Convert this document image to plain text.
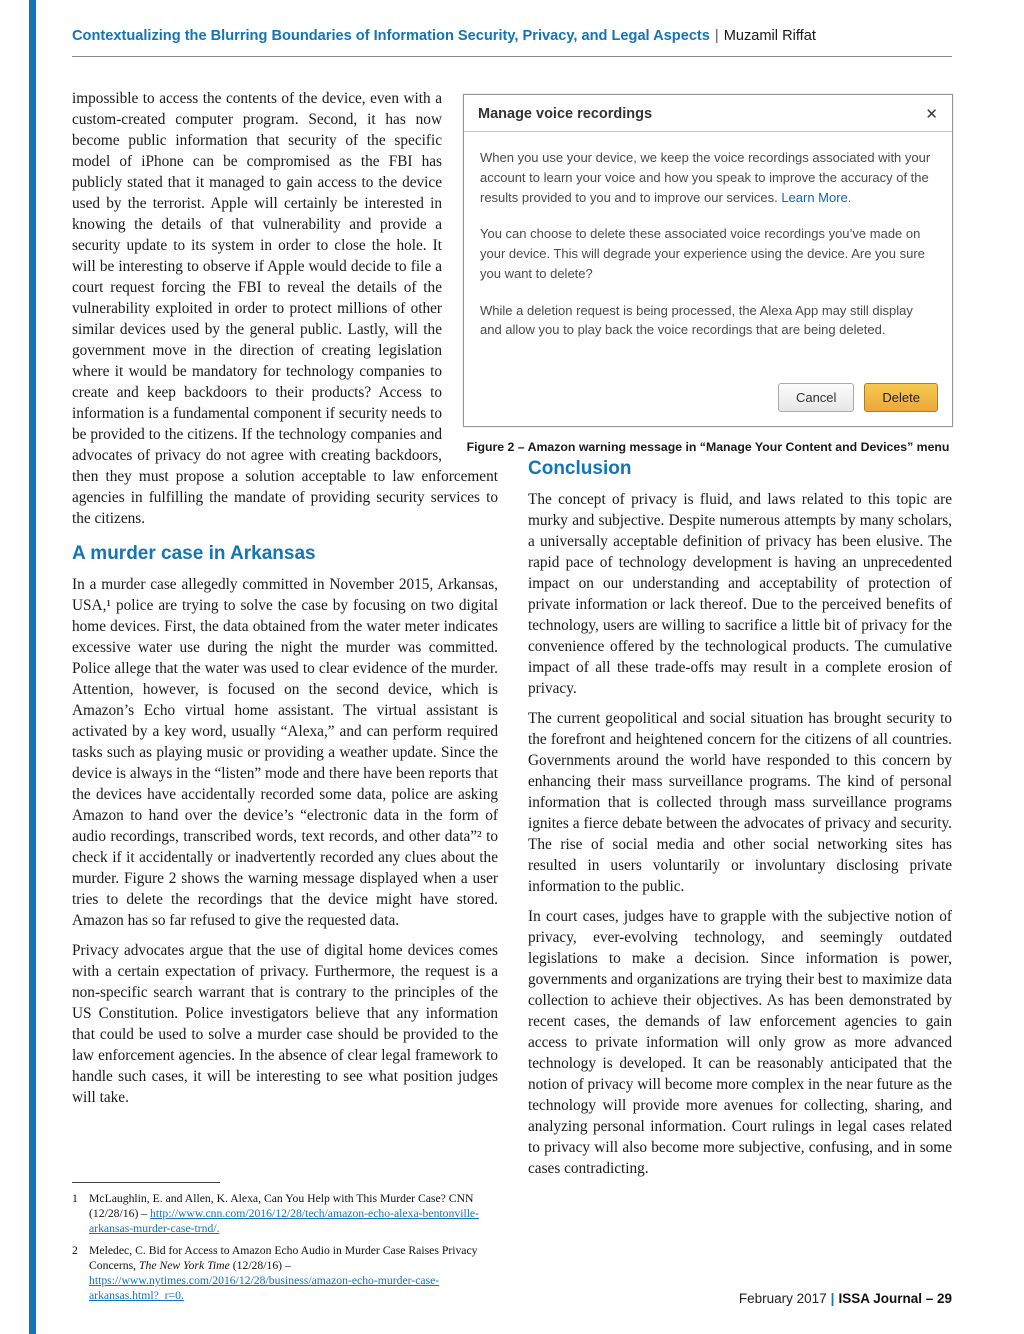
Contextualizing the Blurring Boundaries of Information Security, Privacy, and Legal Aspects | Muzamil Riffat

impossible to access the contents of the device, even with a custom-created computer program. Second, it has now become public information that security of the specific model of iPhone can be compromised as the FBI has publicly stated that it managed to gain access to the device used by the terrorist. Apple will certainly be interested in knowing the details of that vulnerability and provide a security update to its system in order to close the hole. It will be interesting to observe if Apple would decide to file a court request forcing the FBI to reveal the details of the vulnerability exploited in order to protect millions of other similar devices used by the general public. Lastly, will the government move in the direction of creating legislation where it would be mandatory for technology companies to create and keep backdoors to their products? Access to information is a fundamental component if security needs to be provided to the citizens. If the technology companies and advocates of privacy do not agree with creating backdoors, then they must propose a solution acceptable to law enforcement agencies in fulfilling the mandate of providing security services to the citizens.

A murder case in Arkansas

In a murder case allegedly committed in November 2015, Arkansas, USA,¹ police are trying to solve the case by focusing on two digital home devices. First, the data obtained from the water meter indicates excessive water use during the night the murder was committed. Police allege that the water was used to clear evidence of the murder. Attention, however, is focused on the second device, which is Amazon’s Echo virtual home assistant. The virtual assistant is activated by a key word, usually “Alexa,” and can perform required tasks such as playing music or providing a weather update. Since the device is always in the “listen” mode and there have been reports that the devices have accidentally recorded some data, police are asking Amazon to hand over the device’s “electronic data in the form of audio recordings, transcribed words, text records, and other data”² to check if it accidentally or inadvertently recorded any clues about the murder. Figure 2 shows the warning message displayed when a user tries to delete the recordings that the device might have stored. Amazon has so far refused to give the requested data.

Privacy advocates argue that the use of digital home devices comes with a certain expectation of privacy. Furthermore, the request is a non-specific search warrant that is contrary to the principles of the US Constitution. Police investigators believe that any information that could be used to solve a murder case should be provided to the law enforcement agencies. In the absence of clear legal framework to handle such cases, it will be interesting to see what position judges will take.

Manage voice recordings	✕

When you use your device, we keep the voice recordings associated with your account to learn your voice and how you speak to improve the accuracy of the results provided to you and to improve our services. Learn More.

You can choose to delete these associated voice recordings you’ve made on your device. This will degrade your experience using the device. Are you sure you want to delete?

While a deletion request is being processed, the Alexa App may still display and allow you to play back the voice recordings that are being deleted.

Cancel	Delete
Figure 2 – Amazon warning message in “Manage Your Content and Devices” menu
Conclusion

The concept of privacy is fluid, and laws related to this topic are murky and subjective. Despite numerous attempts by many scholars, a universally acceptable definition of privacy has been elusive. The rapid pace of technology development is having an unprecedented impact on our understanding and acceptability of protection of private information or lack thereof. Due to the perceived benefits of technology, users are willing to sacrifice a little bit of privacy for the convenience offered by the technological products. The cumulative impact of all these trade-offs may result in a complete erosion of privacy.

The current geopolitical and social situation has brought security to the forefront and heightened concern for the citizens of all countries. Governments around the world have responded to this concern by enhancing their mass surveillance programs. The kind of personal information that is collected through mass surveillance programs ignites a fierce debate between the advocates of privacy and security. The rise of social media and other social networking sites has resulted in users voluntarily or involuntary disclosing private information to the public.

In court cases, judges have to grapple with the subjective notion of privacy, ever-evolving technology, and seemingly outdated legislations to make a decision. Since information is power, governments and organizations are trying their best to maximize data collection to achieve their objectives. As has been demonstrated by recent cases, the demands of law enforcement agencies to gain access to private information will only grow as more advanced technology is developed. It can be reasonably anticipated that the notion of privacy will become more complex in the near future as the technology will provide more avenues for collecting, sharing, and analyzing personal information. Court rulings in legal cases related to privacy will also become more subjective, confusing, and in some cases contradicting.

1 McLaughlin, E. and Allen, K. Alexa, Can You Help with This Murder Case? CNN (12/28/16) – http://www.cnn.com/2016/12/28/tech/amazon-echo-alexa-bentonville-arkansas-murder-case-trnd/.
2 Meledec, C. Bid for Access to Amazon Echo Audio in Murder Case Raises Privacy Concerns, The New York Time (12/28/16) – https://www.nytimes.com/2016/12/28/business/amazon-echo-murder-case-arkansas.html?_r=0.	February 2017 | ISSA Journal – 29
